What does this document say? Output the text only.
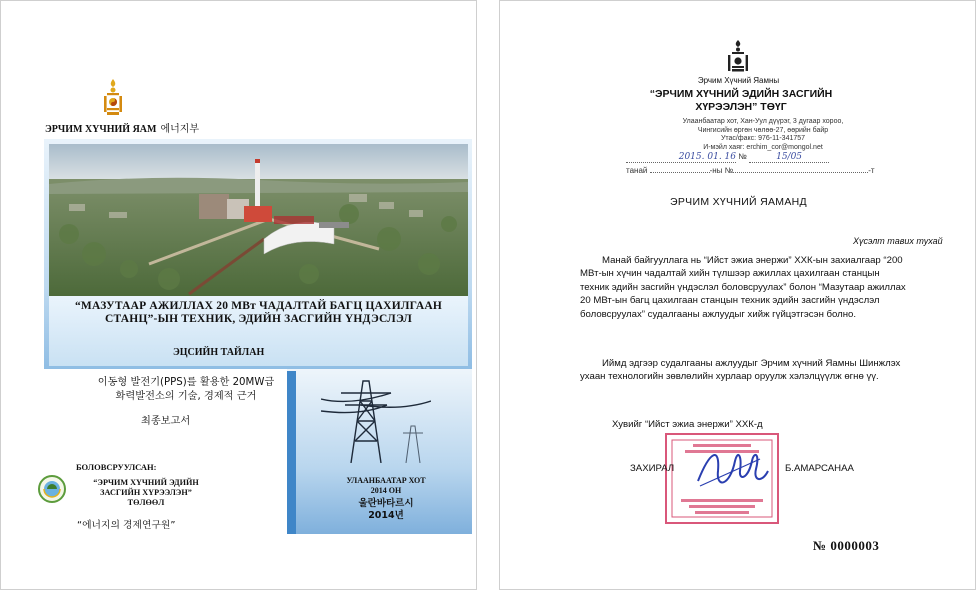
ЭРЧИМ ХҮЧНИЙ ЯАМ 에너지부
“МАЗУТААР АЖИЛЛАХ 20 МВт ЧАДАЛТАЙ БАГЦ ЦАХИЛГААН СТАНЦ”-ЫН ТЕХНИК, ЭДИЙН ЗАСГИЙН ҮНДЭСЛЭЛ
ЭЦСИЙН ТАЙЛАН
이동형 발전기(PPS)를 활용한 20MW급
화력발전소의 기술, 경제적 근거
최종보고서
БОЛОВСРУУЛСАН:
“ЭРЧИМ ХҮЧНИЙ ЭДИЙН
ЗАСГИЙН ХҮРЭЭЛЭН”
ТӨЛӨӨЛ
“에너지의 경제연구원”
УЛААНБААТАР ХОТ
2014 ОН
울란바타르시
2014년
Эрчим Хүчний Яамны
“ЭРЧИМ ХҮЧНИЙ ЭДИЙН ЗАСГИЙН
ХҮРЭЭЛЭН” ТӨҮГ
Улаанбаатар хот, Хан-Уул дүүрэг, 3 дугаар хороо,
Чингисийн өргөн чөлөө-27, өөрийн байр
Утас/факс: 976-11-341757
И-мэйл хаяг: erchim_cor@mongol.net
2015. 01. 16 №	15/05
танай	-ны №	-т
ЭРЧИМ ХҮЧНИЙ ЯАМАНД
Хүсэлт тавих тухай
Манай байгууллага нь “Ийст эжиа энержи” ХХК-ын захиалгаар “200 МВт-ын хүчин чадалтай хийн түлшээр ажиллах цахилгаан станцын техник эдийн засгийн үндэслэл боловсруулах” болон “Мазутаар ажиллах 20 МВт-ын багц цахилгаан станцын техник эдийн засгийн үндэслэл боловсруулах” судалгааны ажлуудыг хийж гүйцэтгэсэн болно.
Иймд эдгээр судалгааны ажлуудыг Эрчим хүчний Яамны Шинжлэх ухаан технологийн зөвлөлийн хурлаар оруулж хэлэлцүүлж өгнө үү.
Хувийг “Ийст эжиа энержи” ХХК-д
ЗАХИРАЛ	Б.АМАРСАНАА
№ 0000003
